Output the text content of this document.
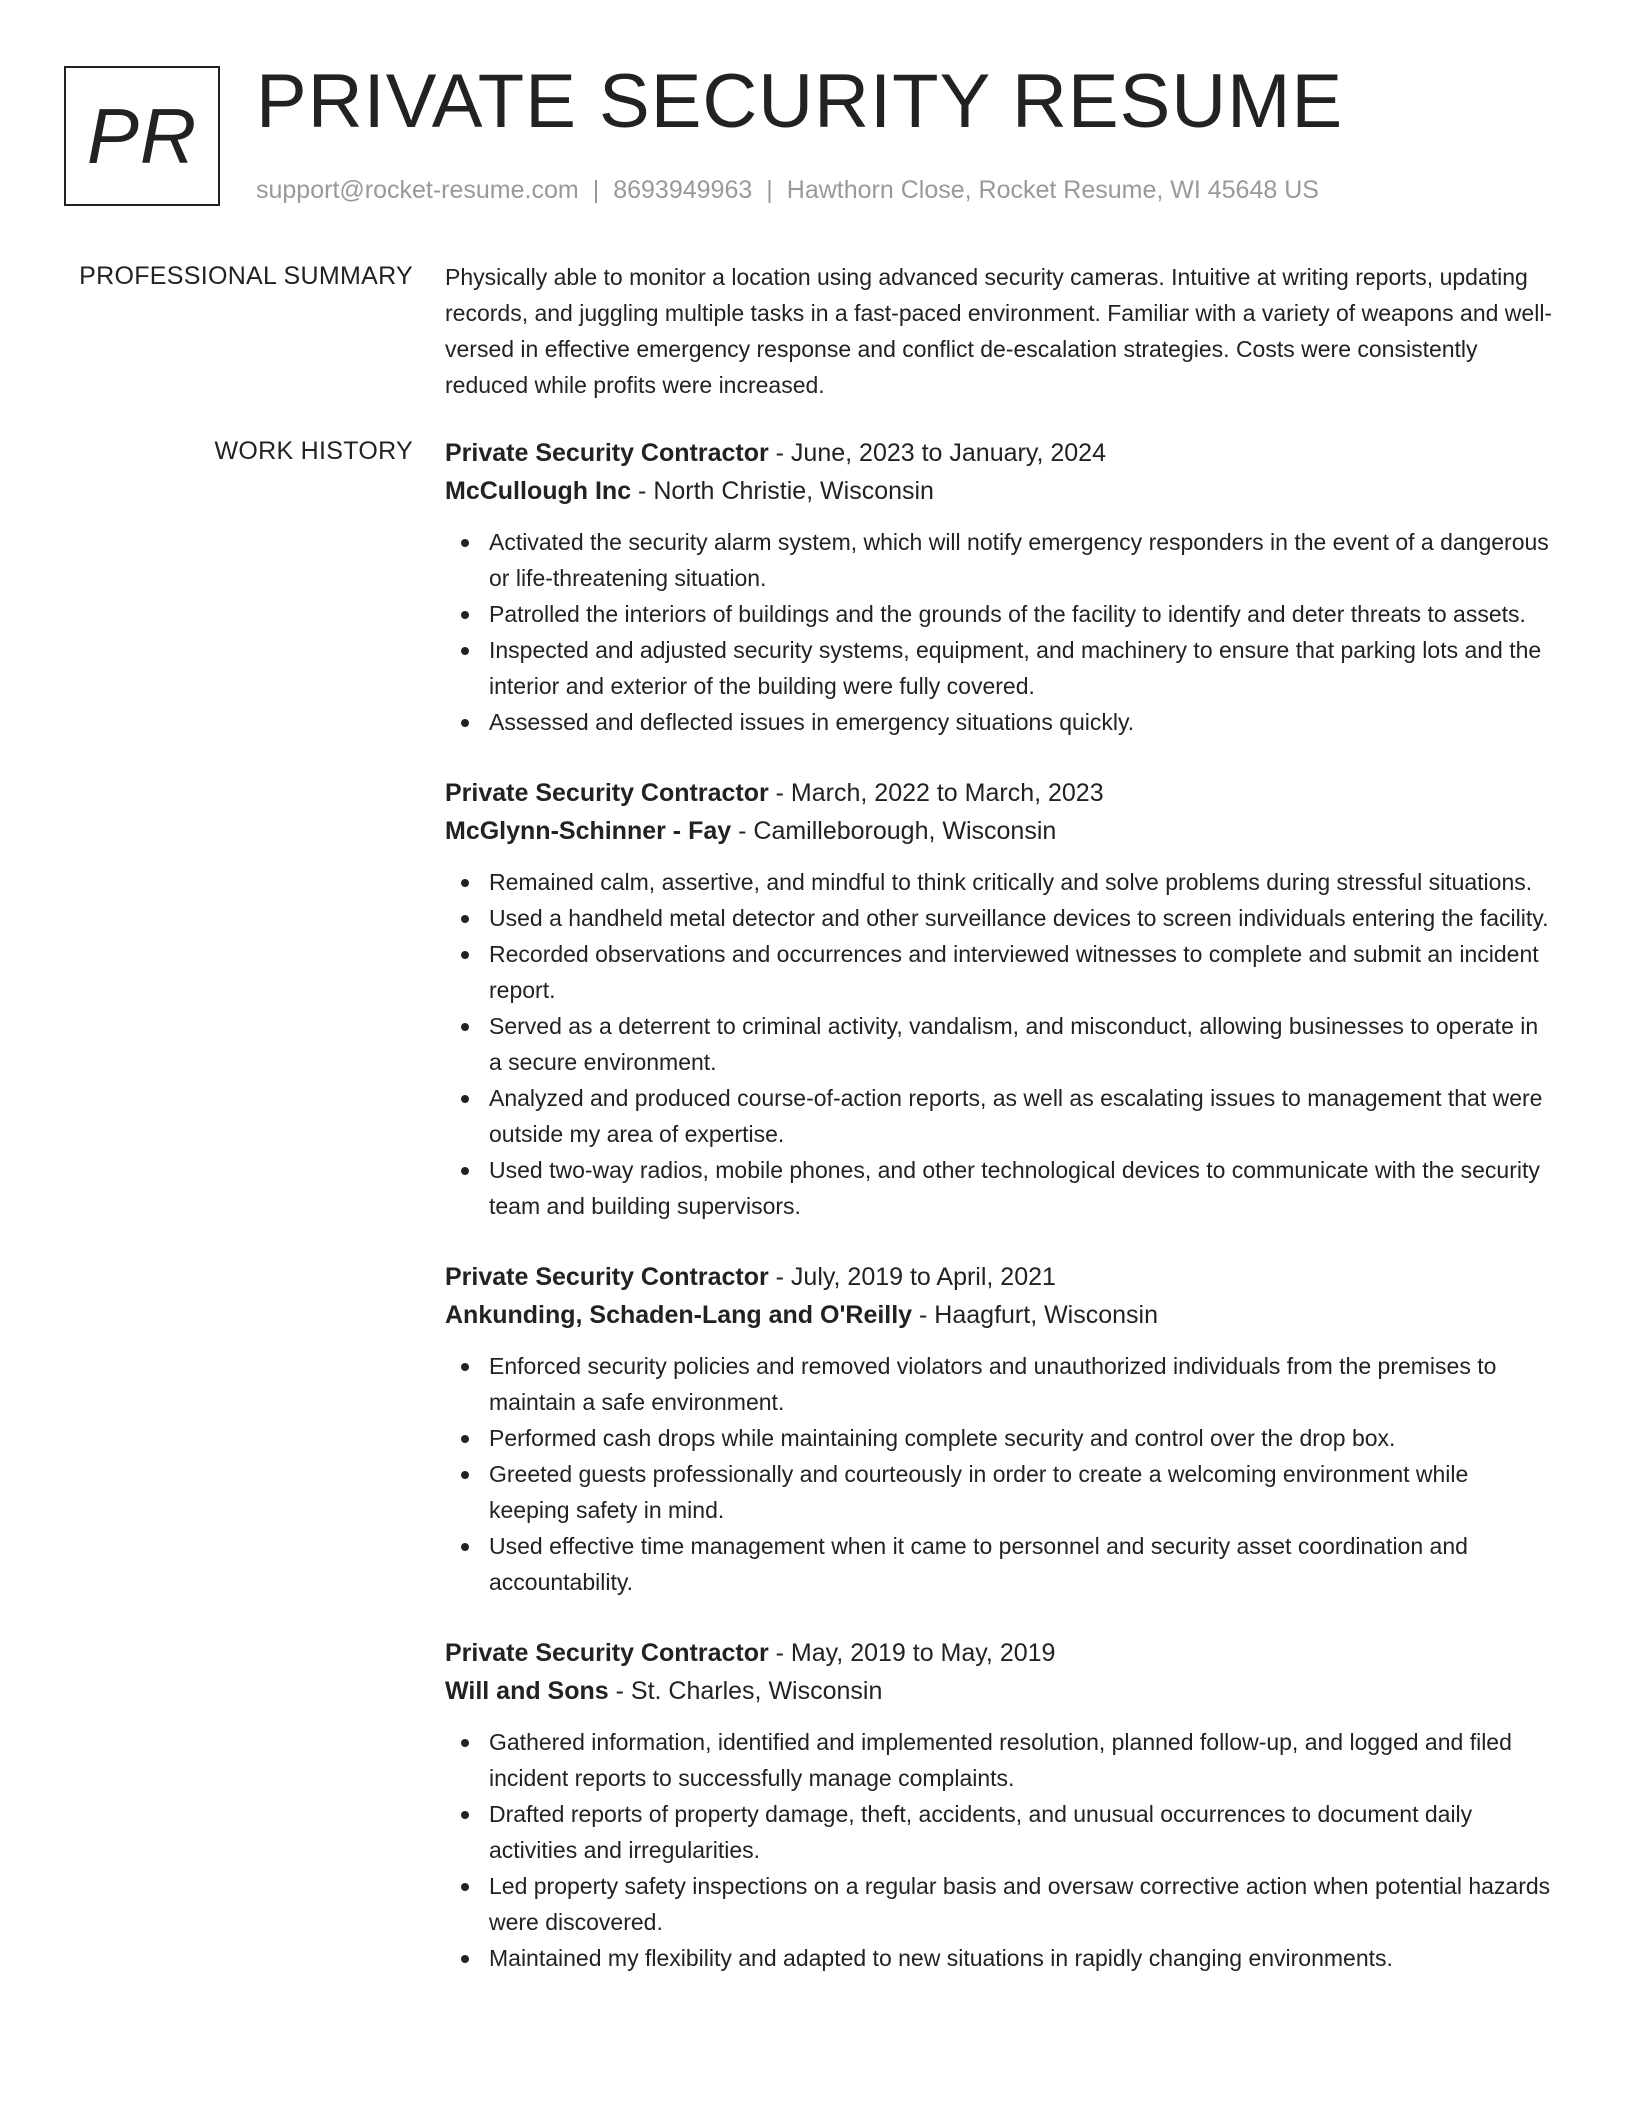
PR PRIVATE SECURITY RESUME
support@rocket-resume.com | 8693949963 | Hawthorn Close, Rocket Resume, WI 45648 US
PROFESSIONAL SUMMARY Physically able to monitor a location using advanced security cameras. Intuitive at writing reports, updating records, and juggling multiple tasks in a fast-paced environment. Familiar with a variety of weapons and well-versed in effective emergency response and conflict de-escalation strategies. Costs were consistently reduced while profits were increased.

WORK HISTORY Private Security Contractor - June, 2023 to January, 2024
McCullough Inc - North Christie, Wisconsin
Activated the security alarm system, which will notify emergency responders in the event of a dangerous or life-threatening situation.
Patrolled the interiors of buildings and the grounds of the facility to identify and deter threats to assets.
Inspected and adjusted security systems, equipment, and machinery to ensure that parking lots and the interior and exterior of the building were fully covered.
Assessed and deflected issues in emergency situations quickly.
Private Security Contractor - March, 2022 to March, 2023
McGlynn-Schinner - Fay - Camilleborough, Wisconsin
Remained calm, assertive, and mindful to think critically and solve problems during stressful situations.
Used a handheld metal detector and other surveillance devices to screen individuals entering the facility.
Recorded observations and occurrences and interviewed witnesses to complete and submit an incident report.
Served as a deterrent to criminal activity, vandalism, and misconduct, allowing businesses to operate in a secure environment.
Analyzed and produced course-of-action reports, as well as escalating issues to management that were outside my area of expertise.
Used two-way radios, mobile phones, and other technological devices to communicate with the security team and building supervisors.
Private Security Contractor - July, 2019 to April, 2021
Ankunding, Schaden-Lang and O'Reilly - Haagfurt, Wisconsin
Enforced security policies and removed violators and unauthorized individuals from the premises to maintain a safe environment.
Performed cash drops while maintaining complete security and control over the drop box.
Greeted guests professionally and courteously in order to create a welcoming environment while keeping safety in mind.
Used effective time management when it came to personnel and security asset coordination and accountability.
Private Security Contractor - May, 2019 to May, 2019
Will and Sons - St. Charles, Wisconsin
Gathered information, identified and implemented resolution, planned follow-up, and logged and filed incident reports to successfully manage complaints.
Drafted reports of property damage, theft, accidents, and unusual occurrences to document daily activities and irregularities.
Led property safety inspections on a regular basis and oversaw corrective action when potential hazards were discovered.
Maintained my flexibility and adapted to new situations in rapidly changing environments.
